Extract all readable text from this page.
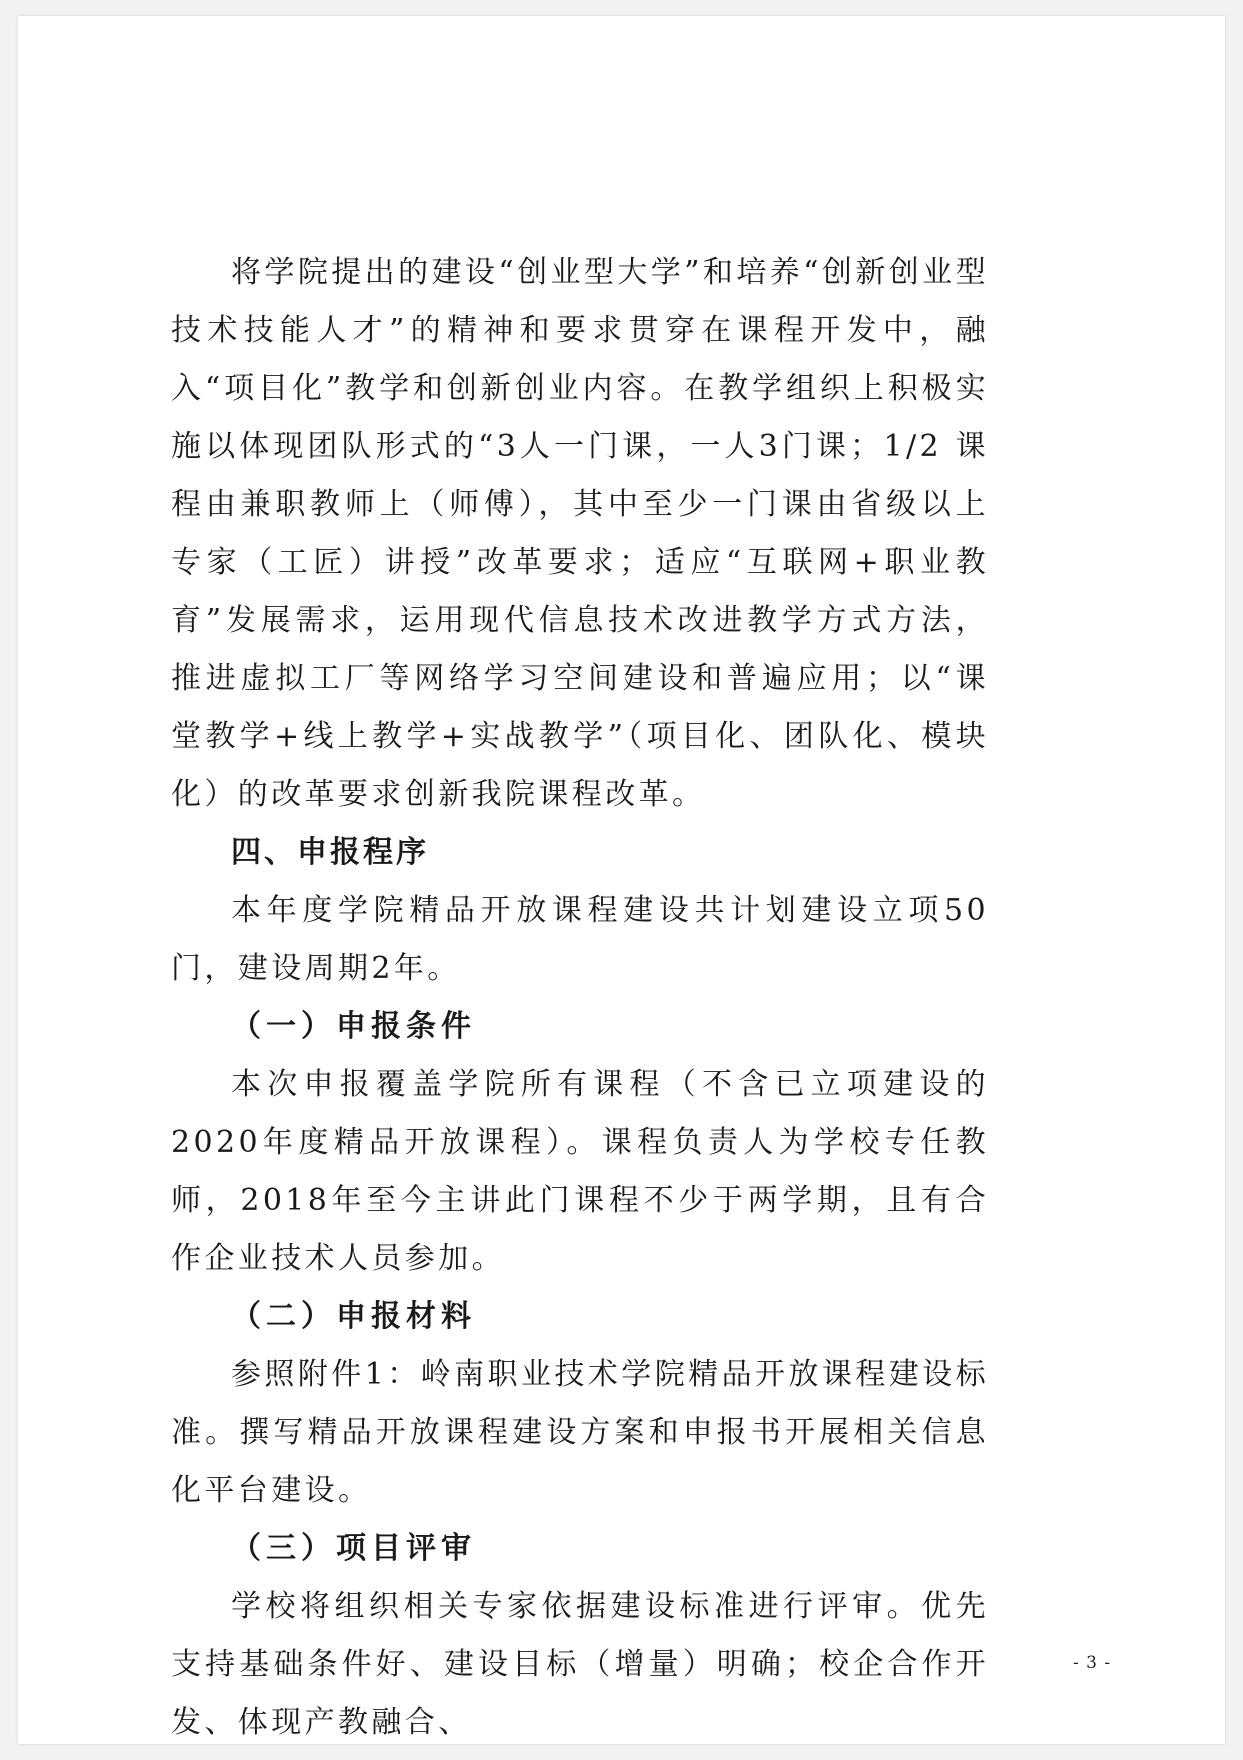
将学院提出的建设“创业型大学”和培养“创新创业型技术技能人才”的精神和要求贯穿在课程开发中，融入“项目化”教学和创新创业内容。在教学组织上积极实施以体现团队形式的“3人一门课，一人3门课；1/2 课程由兼职教师上（师傅），其中至少一门课由省级以上专家（工匠）讲授”改革要求；适应“互联网+职业教育”发展需求，运用现代信息技术改进教学方式方法，推进虚拟工厂等网络学习空间建设和普遍应用；以“课堂教学+线上教学+实战教学”（项目化、团队化、模块化）的改革要求创新我院课程改革。

四、申报程序

本年度学院精品开放课程建设共计划建设立项50门，建设周期2年。

（一）申报条件

本次申报覆盖学院所有课程（不含已立项建设的2020年度精品开放课程）。课程负责人为学校专任教师，2018年至今主讲此门课程不少于两学期，且有合作企业技术人员参加。

（二）申报材料

参照附件1：岭南职业技术学院精品开放课程建设标准。撰写精品开放课程建设方案和申报书开展相关信息化平台建设。

（三）项目评审

学校将组织相关专家依据建设标准进行评审。优先支持基础条件好、建设目标（增量）明确；校企合作开发、体现产教融合、

- 3 -
